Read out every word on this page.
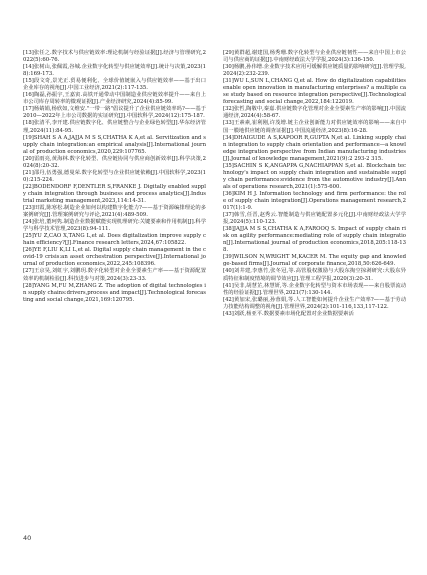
[13]张任之.数字技术与供应链效率:理论机制与经验证据[J].经济与管理研究,2022(5):60-76.

[14]张树山,张佩霞,谷城.企业数字化转型与供应链效率[J].统计与决策,2023(18):169-173.

[15]段文奇,景光正.贸易便利化、全球价值链嵌入与供应链效率——基于出口企业库存的视角[J].中国工业经济,2021(2):117-135.

[16]陶磊,孙振宇,王嘉寅.高铁开通带动中国制造业供应链效率提升——来自上市公司库存周转率的微观证据[J].产业经济研究,2024(4):85-99.

[17]杨婧娟,杨欣如,文维安."一带一路"倡议提升了企业供应链效率吗?——基于2010—2022年上市公司数据的实证研究[J].中国软科学,2024(12):175-187.

[18]张清平,李开建.供应链数字化、供应链整合与企业绿色转型[J].华东经济管理,2024(11):84-95.

[19]SHAH S A A,JAJJA M S S,CHATHA K A,et al. Servitization and supply chain integration:an empirical analysis[J].International journal of production economics,2020,229:107765.

[20]雷雨亮,黄海林.数字化转型、供应链协同与供应商创新效率[J].科学决策,2024(8):20-32.

[21]邵丹,伍勇强,德曼荣.数字化转型与企业供应链依赖[J].中国软科学,2023(10):215-224.

[22]BODENDORF F,DENTLER S,FRANKE J. Digitally enabled supply chain integration through business and process analytics[J].Industrial marketing management,2023,114:14-31.

[23]田霞,陈寒松.制造企业如何以构建数字化能力?——基于资源编排理论的多案例研究[J].管理案例研究与评论,2021(4):489-509.

[24]张培,董珂隽.制造企业数据赋能实现机理研究:关键要素和作用机制[J].科学学与科学技术管理,2023(8):94-111.

[25]YU Z,CAO X,TANG L,et al. Does digitalization improve supply chain efficiency?[J].Finance research letters,2024,67:105822.

[26]YE F,LIU K,LI L,et al. Digital supply chain management in the covid-19 crisis:an asset orchestration perspective[J].International journal of production economics,2022,245:108396.

[27]王京昊,刘虹宇,刘鹏玥.数字化转型对企业全要素生产率——基于资源配置效率的机制检验[J].科技进步与对策,2024(3):23-33.

[28]YANG M,FU M,ZHANG Z. The adoption of digital technologies in supply chains:drivers,process and impact[J].Technological forecasting and social change,2021,169:120795.

[29]黄群超,谢建国,杨秀珊.数字化转型与企业供应链韧性——来自中国上市公司与供应商的证据[J].中南财经政法大学学报,2024(3):136-150.

[30]杨鹏,孙伟增.企业数字技术应用可缓解供应链质量的影响研究[J].管理学报,2024(2):232-239.

[31]WU L,SUN L,CHANG Q,et al. How do digitalization capabilities enable open innovation in manufacturing enterprises? a multiple case study based on resource integration perspective[J].Technological forecasting and social change,2022,184:122019.

[32]张哲,陶敬中,秦嘉.供应链数字化管理对企业全要素生产率的影响[J].中国流通经济,2024(4):58-67.

[33]王素素,崔利刚,许茂增.链主企业创新能力对供应链效率的影响——来自中国一膜地供应链的调查证据[J].中国流通经济,2023(8):16-28.

[34]DHAIGUDE A S,KAPOOR R,GUPTA N,et al. Linking supply chain integration to supply chain orientation and performance—a knowledge integration perspective from Indian manufacturing industries[J].Journal of knowledge management,2021(9):2 293-2 315.

[35]SACHIN S K,ANGAPPA G,NACHIAPPAN S,et al. Blockchain technology's impact on supply chain integration and sustainable supply chain performance:evidence from the automotive industry[J].Annals of operations research,2021(1):575-600.

[36]KIM H J. Information technology and firm performance: the role of supply chain integration[J].Operations management research,2017(1):1-9.

[37]韩雪,任晋,赵秀云.智能制造与供应链配置多元化[J].中南财经政法大学学报,2024(5):110-123.

[38]JAJJA M S S,CHATHA K A,FAROOQ S. Impact of supply chain risk on agility performance:mediating role of supply chain integration[J].International journal of production economics,2018,205:118-138.

[39]WILSON N,WRIGHT M,KACER M. The equity gap and knowledge-based firms[J].Journal of corporate finance,2018,50:626-649.

[40]刘井建,李惠竹,张冬冠,等.高管股权激励与大股东掏空掠剥研究:大股东异质特征和制度情境的调节效应[J].管理工程学报,2020(3):20-31.

[41]吴非,胡慧芷,林慧妍,等.企业数字化转型与资本市场表现——来自股票流动性的经验证据[J].管理世界,2021(7):130-144.

[42]黄加宋,张璐丽,孙蓉娟,等.人工智能如何提升企业生产效率?——基于劳动力技能结构调整的视角[J].管理世界,2024(2):101-116,133,117-122.

[43]刘跃,杨亚平.数据要素市场化配置对企业数据要素活

40
